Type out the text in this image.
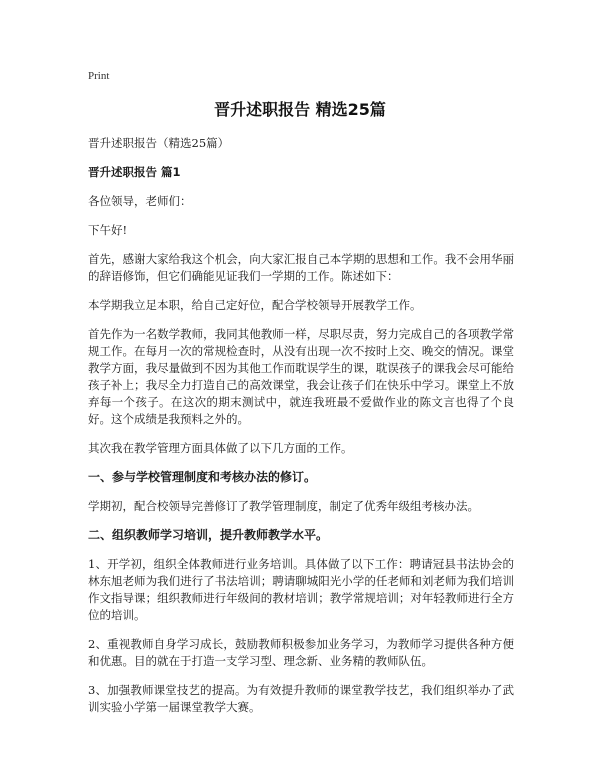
Print
晋升述职报告 精选25篇

晋升述职报告（精选25篇）

晋升述职报告 篇1

各位领导，老师们：

下午好!

首先，感谢大家给我这个机会，向大家汇报自己本学期的思想和工作。我不会用华丽的辞语修饰，但它们确能见证我们一学期的工作。陈述如下：

本学期我立足本职，给自己定好位，配合学校领导开展教学工作。

首先作为一名数学教师，我同其他教师一样，尽职尽责，努力完成自己的各项教学常规工作。在每月一次的常规检查时，从没有出现一次不按时上交、晚交的情况。课堂教学方面，我尽量做到不因为其他工作而耽误学生的课，耽误孩子的课我会尽可能给孩子补上；我尽全力打造自己的高效课堂，我会让孩子们在快乐中学习。课堂上不放弃每一个孩子。在这次的期末测试中，就连我班最不爱做作业的陈文言也得了个良好。这个成绩是我预料之外的。

其次我在教学管理方面具体做了以下几方面的工作。

一、参与学校管理制度和考核办法的修订。

学期初，配合校领导完善修订了教学管理制度，制定了优秀年级组考核办法。

二、组织教师学习培训，提升教师教学水平。

1、开学初，组织全体教师进行业务培训。具体做了以下工作：聘请冠县书法协会的林东旭老师为我们进行了书法培训；聘请聊城阳光小学的任老师和刘老师为我们培训作文指导课；组织教师进行年级间的教材培训；教学常规培训；对年轻教师进行全方位的培训。

2、重视教师自身学习成长，鼓励教师积极参加业务学习，为教师学习提供各种方便和优惠。目的就在于打造一支学习型、理念新、业务精的教师队伍。

3、加强教师课堂技艺的提高。为有效提升教师的课堂教学技艺，我们组织举办了武训实验小学第一届课堂教学大赛。
